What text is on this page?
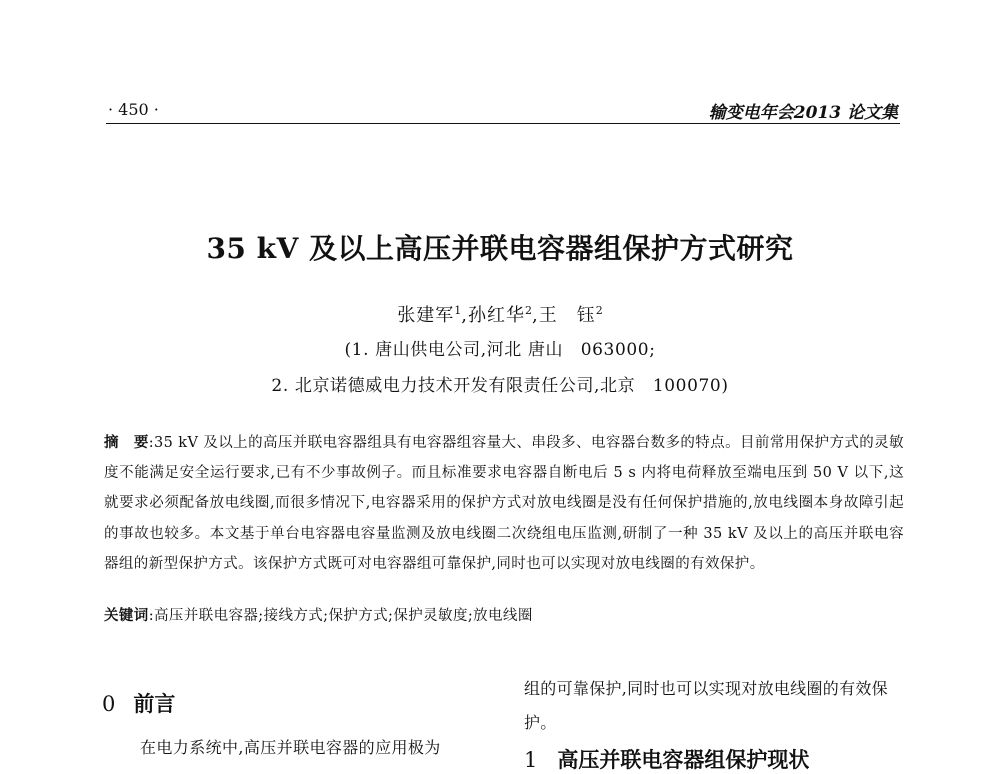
· 450 ·	输变电年会2013 论文集
35 kV 及以上高压并联电容器组保护方式研究
张建军$^1$,孙红华$^2$,王　钰$^2$
(1. 唐山供电公司,河北 唐山　063000;
2. 北京诺德威电力技术开发有限责任公司,北京　100070)
摘　要:35 kV 及以上的高压并联电容器组具有电容器组容量大、串段多、电容器台数多的特点。目前常用保护方式的灵敏度不能满足安全运行要求,已有不少事故例子。而且标准要求电容器自断电后 5 s 内将电荷释放至端电压到 50 V 以下,这就要求必须配备放电线圈,而很多情况下,电容器采用的保护方式对放电线圈是没有任何保护措施的,放电线圈本身故障引起的事故也较多。本文基于单台电容器电容量监测及放电线圈二次绕组电压监测,研制了一种 35 kV 及以上的高压并联电容器组的新型保护方式。该保护方式既可对电容器组可靠保护,同时也可以实现对放电线圈的有效保护。
关键词:高压并联电容器;接线方式;保护方式;保护灵敏度;放电线圈
0 前言
在电力系统中,高压并联电容器的应用极为
组的可靠保护,同时也可以实现对放电线圈的有效保护。
1 高压并联电容器组保护现状
